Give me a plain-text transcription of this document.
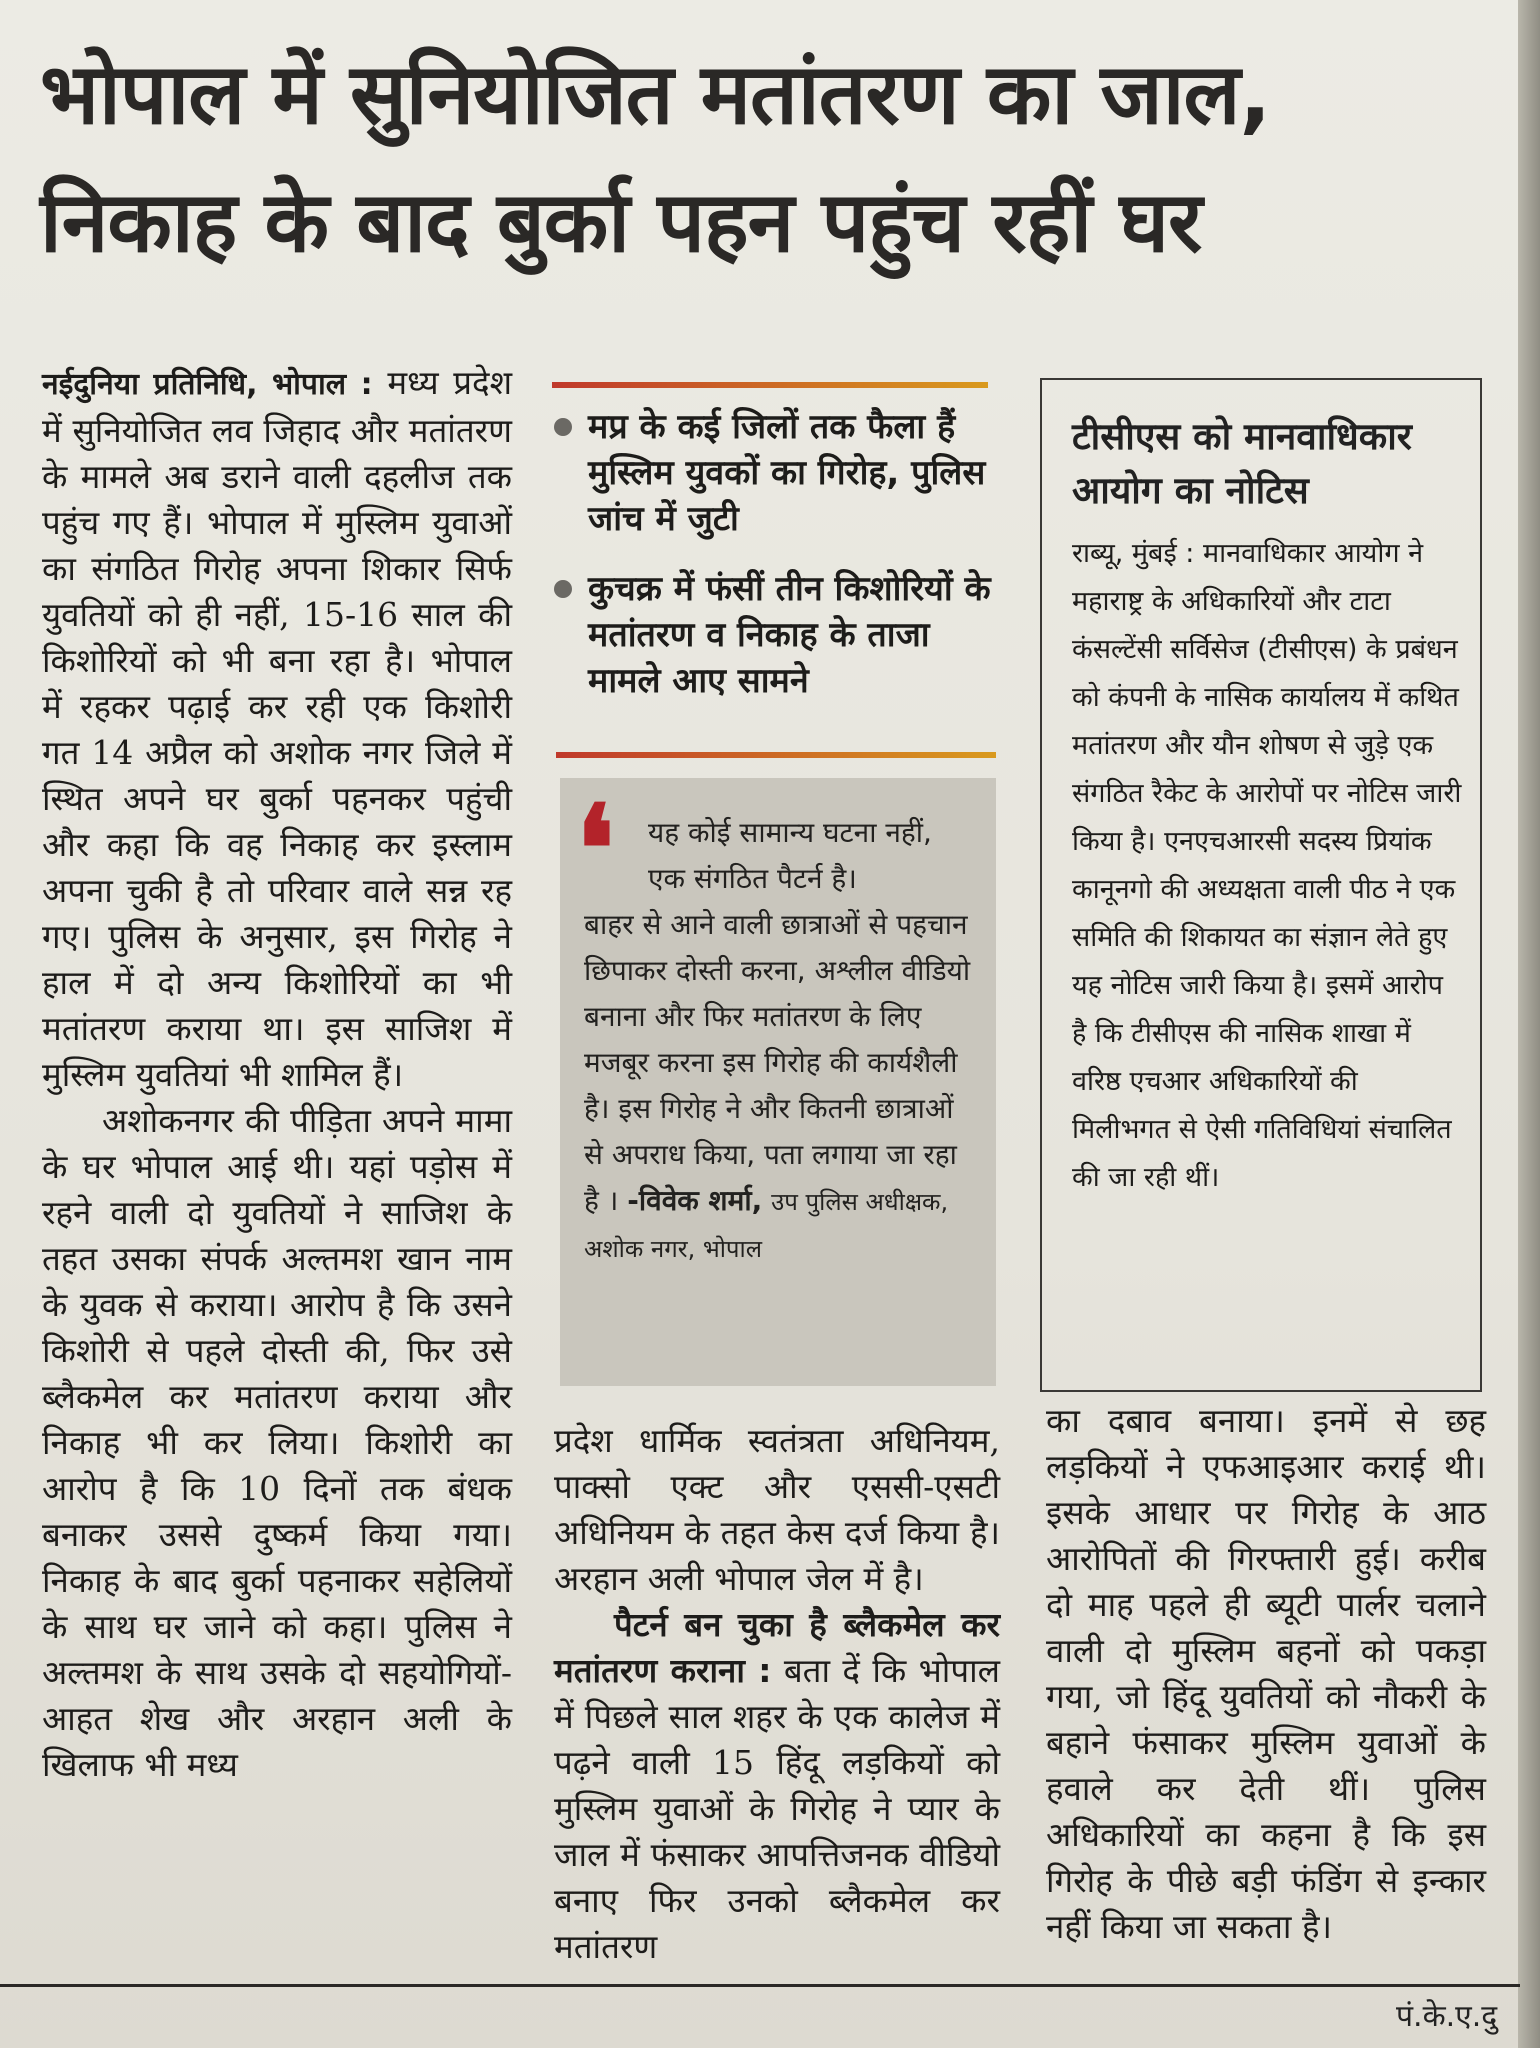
भोपाल में सुनियोजित मतांतरण का जाल,
निकाह के बाद बुर्का पहन पहुंच रहीं घर

नईदुनिया प्रतिनिधि, भोपाल : मध्य प्रदेश में सुनियोजित लव जिहाद और मतांतरण के मामले अब डराने वाली दहलीज तक पहुंच गए हैं। भोपाल में मुस्लिम युवाओं का संगठित गिरोह अपना शिकार सिर्फ युवतियों को ही नहीं, 15-16 साल की किशोरियों को भी बना रहा है। भोपाल में रहकर पढ़ाई कर रही एक किशोरी गत 14 अप्रैल को अशोक नगर जिले में स्थित अपने घर बुर्का पहनकर पहुंची और कहा कि वह निकाह कर इस्लाम अपना चुकी है तो परिवार वाले सन्न रह गए। पुलिस के अनुसार, इस गिरोह ने हाल में दो अन्य किशोरियों का भी मतांतरण कराया था। इस साजिश में मुस्लिम युवतियां भी शामिल हैं।

अशोकनगर की पीड़िता अपने मामा के घर भोपाल आई थी। यहां पड़ोस में रहने वाली दो युवतियों ने साजिश के तहत उसका संपर्क अल्तमश खान नाम के युवक से कराया। आरोप है कि उसने किशोरी से पहले दोस्ती की, फिर उसे ब्लैकमेल कर मतांतरण कराया और निकाह भी कर लिया। किशोरी का आरोप है कि 10 दिनों तक बंधक बनाकर उससे दुष्कर्म किया गया। निकाह के बाद बुर्का पहनाकर सहेलियों के साथ घर जाने को कहा। पुलिस ने अल्तमश के साथ उसके दो सहयोगियों- आहत शेख और अरहान अली के खिलाफ भी मध्य

मप्र के कई जिलों तक फैला हैं मुस्लिम युवकों का गिरोह, पुलिस जांच में जुटी
कुचक्र में फंसीं तीन किशोरियों के मतांतरण व निकाह के ताजा मामले आए सामने
❛	यह कोई सामान्य घटना नहीं, एक संगठित पैटर्न है।
बाहर से आने वाली छात्राओं से पहचान छिपाकर दोस्ती करना, अश्लील वीडियो बनाना और फिर मतांतरण के लिए मजबूर करना इस गिरोह की कार्यशैली है। इस गिरोह ने और कितनी छात्राओं से अपराध किया, पता लगाया जा रहा है । -विवेक शर्मा, उप पुलिस अधीक्षक, अशोक नगर, भोपाल
टीसीएस को मानवाधिकार आयोग का नोटिस

राब्यू, मुंबई : मानवाधिकार आयोग ने महाराष्ट्र के अधिकारियों और टाटा कंसल्टेंसी सर्विसेज (टीसीएस) के प्रबंधन को कंपनी के नासिक कार्यालय में कथित मतांतरण और यौन शोषण से जुड़े एक संगठित रैकेट के आरोपों पर नोटिस जारी किया है। एनएचआरसी सदस्य प्रियांक कानूनगो की अध्यक्षता वाली पीठ ने एक समिति की शिकायत का संज्ञान लेते हुए यह नोटिस जारी किया है। इसमें आरोप है कि टीसीएस की नासिक शाखा में वरिष्ठ एचआर अधिकारियों की मिलीभगत से ऐसी गतिविधियां संचालित की जा रही थीं।

प्रदेश धार्मिक स्वतंत्रता अधिनियम, पाक्सो एक्ट और एससी-एसटी अधिनियम के तहत केस दर्ज किया है। अरहान अली भोपाल जेल में है।

पैटर्न बन चुका है ब्लैकमेल कर मतांतरण कराना : बता दें कि भोपाल में पिछले साल शहर के एक कालेज में पढ़ने वाली 15 हिंदू लड़कियों को मुस्लिम युवाओं के गिरोह ने प्यार के जाल में फंसाकर आपत्तिजनक वीडियो बनाए फिर उनको ब्लैकमेल कर मतांतरण

का दबाव बनाया। इनमें से छह लड़कियों ने एफआइआर कराई थी। इसके आधार पर गिरोह के आठ आरोपितों की गिरफ्तारी हुई। करीब दो माह पहले ही ब्यूटी पार्लर चलाने वाली दो मुस्लिम बहनों को पकड़ा गया, जो हिंदू युवतियों को नौकरी के बहाने फंसाकर मुस्लिम युवाओं के हवाले कर देती थीं। पुलिस अधिकारियों का कहना है कि इस गिरोह के पीछे बड़ी फंडिंग से इन्कार नहीं किया जा सकता है।

पं.के.ए.दु
